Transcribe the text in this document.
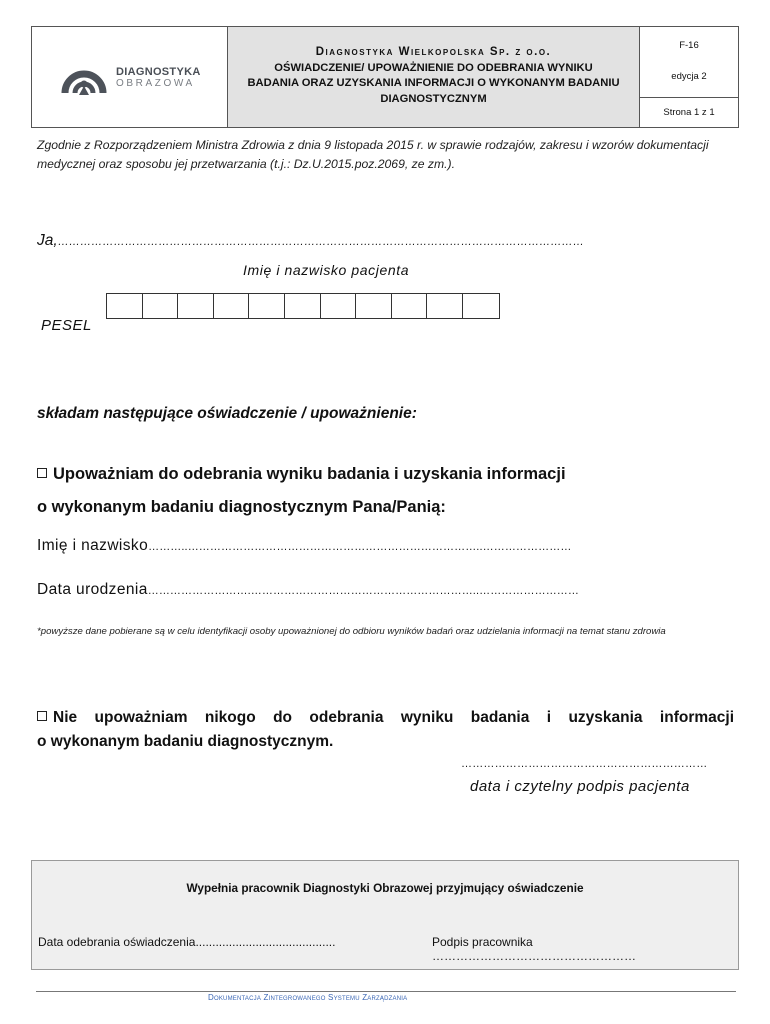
DIAGNOSTYKA
OBRAZOWA
Diagnostyka Wielkopolska Sp. z o.o.
OŚWIADCZENIE/ UPOWAŻNIENIE DO ODEBRANIA WYNIKU
BADANIA ORAZ UZYSKANIA INFORMACJI O WYKONANYM BADANIU
DIAGNOSTYCZNYM
F-16
edycja 2
Strona 1 z 1
Zgodnie z Rozporządzeniem Ministra Zdrowia z dnia 9 listopada 2015 r. w sprawie rodzajów, zakresu i wzorów dokumentacji medycznej oraz sposobu jej przetwarzania (t.j.: Dz.U.2015.poz.2069, ze zm.).
Ja,……………………………………………………………………………………………………………………………
Imię i nazwisko pacjenta
PESEL
składam następujące oświadczenie / upoważnienie:
Upoważniam do odebrania wyniku badania i uzyskania informacji
o wykonanym badaniu diagnostycznym Pana/Panią:
Imię i nazwisko………..……………………………………………………………………..……………………
Data urodzenia……………………….……………………………………………………..………………………
*powyższe dane pobierane są w celu identyfikacji osoby upoważnionej do odbioru wyników badań oraz udzielania informacji na temat stanu zdrowia
Nie upoważniam nikogo do odebrania wyniku badania i uzyskania informacji
o wykonanym badaniu diagnostycznym.
…………………………………………………………
data i czytelny podpis pacjenta
Wypełnia pracownik Diagnostyki Obrazowej przyjmujący oświadczenie
Data odebrania oświadczenia..........................................	Podpis pracownika ……………………………………………
Dokumentacja Zintegrowanego Systemu Zarządzania
